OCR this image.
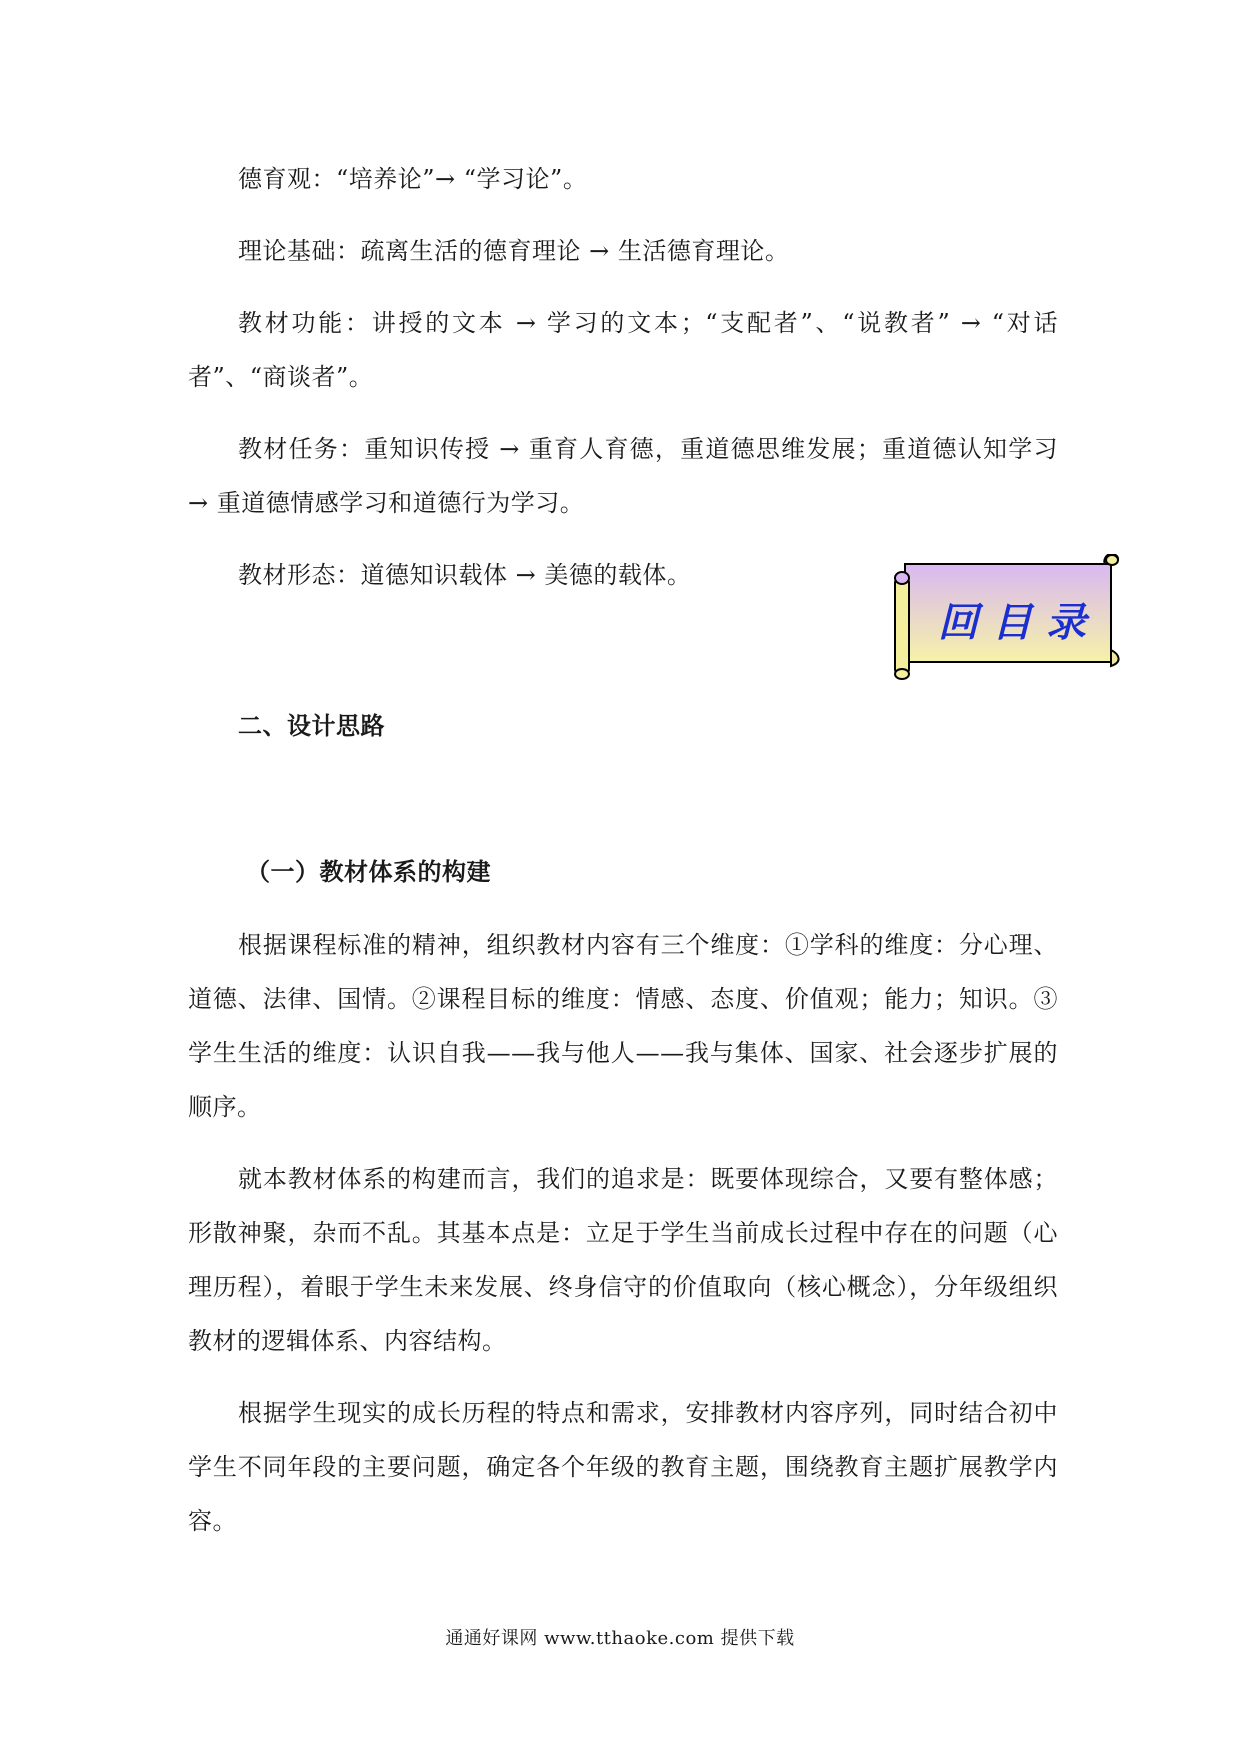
德育观：“培养论”→ “学习论”。

理论基础：疏离生活的德育理论 → 生活德育理论。

教材功能：讲授的文本 → 学习的文本；“支配者”、“说教者” → “对话者”、“商谈者”。

教材任务：重知识传授 → 重育人育德，重道德思维发展；重道德认知学习 → 重道德情感学习和道德行为学习。

教材形态：道德知识载体 → 美德的载体。

回目录
二、设计思路
（一）教材体系的构建

根据课程标准的精神，组织教材内容有三个维度：①学科的维度：分心理、道德、法律、国情。②课程目标的维度：情感、态度、价值观；能力；知识。③学生生活的维度：认识自我——我与他人——我与集体、国家、社会逐步扩展的顺序。

就本教材体系的构建而言，我们的追求是：既要体现综合，又要有整体感；形散神聚，杂而不乱。其基本点是：立足于学生当前成长过程中存在的问题（心理历程），着眼于学生未来发展、终身信守的价值取向（核心概念），分年级组织教材的逻辑体系、内容结构。

根据学生现实的成长历程的特点和需求，安排教材内容序列，同时结合初中学生不同年段的主要问题，确定各个年级的教育主题，围绕教育主题扩展教学内容。

通通好课网 www.tthaoke.com 提供下载
